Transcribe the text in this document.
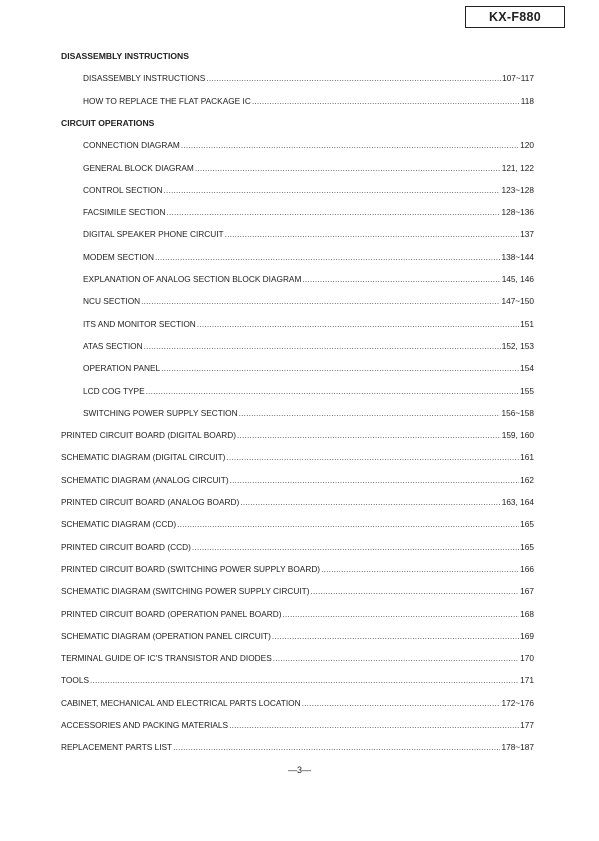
KX-F880
DISASSEMBLY INSTRUCTIONS
DISASSEMBLY INSTRUCTIONS .....	107~117
HOW TO REPLACE THE FLAT PACKAGE IC .....	118
CIRCUIT OPERATIONS
CONNECTION DIAGRAM .....	120
GENERAL BLOCK DIAGRAM .....	121, 122
CONTROL SECTION .....	123~128
FACSIMILE SECTION .....	128~136
DIGITAL SPEAKER PHONE CIRCUIT .....	137
MODEM SECTION .....	138~144
EXPLANATION OF ANALOG SECTION BLOCK DIAGRAM .....	145, 146
NCU SECTION .....	147~150
ITS AND MONITOR SECTION .....	151
ATAS SECTION .....	152, 153
OPERATION PANEL .....	154
LCD COG TYPE .....	155
SWITCHING POWER SUPPLY SECTION .....	156~158
PRINTED CIRCUIT BOARD (DIGITAL BOARD) .....	159, 160
SCHEMATIC DIAGRAM (DIGITAL CIRCUIT) .....	161
SCHEMATIC DIAGRAM (ANALOG CIRCUIT) .....	162
PRINTED CIRCUIT BOARD (ANALOG BOARD) .....	163, 164
SCHEMATIC DIAGRAM (CCD) .....	165
PRINTED CIRCUIT BOARD (CCD) .....	165
PRINTED CIRCUIT BOARD (SWITCHING POWER SUPPLY BOARD) .....	166
SCHEMATIC DIAGRAM (SWITCHING POWER SUPPLY CIRCUIT) .....	167
PRINTED CIRCUIT BOARD (OPERATION PANEL BOARD) .....	168
SCHEMATIC DIAGRAM (OPERATION PANEL CIRCUIT) .....	169
TERMINAL GUIDE OF IC'S TRANSISTOR AND DIODES .....	170
TOOLS .....	171
CABINET, MECHANICAL AND ELECTRICAL PARTS LOCATION .....	172~176
ACCESSORIES AND PACKING MATERIALS .....	177
REPLACEMENT PARTS LIST .....	178~187
—3—
